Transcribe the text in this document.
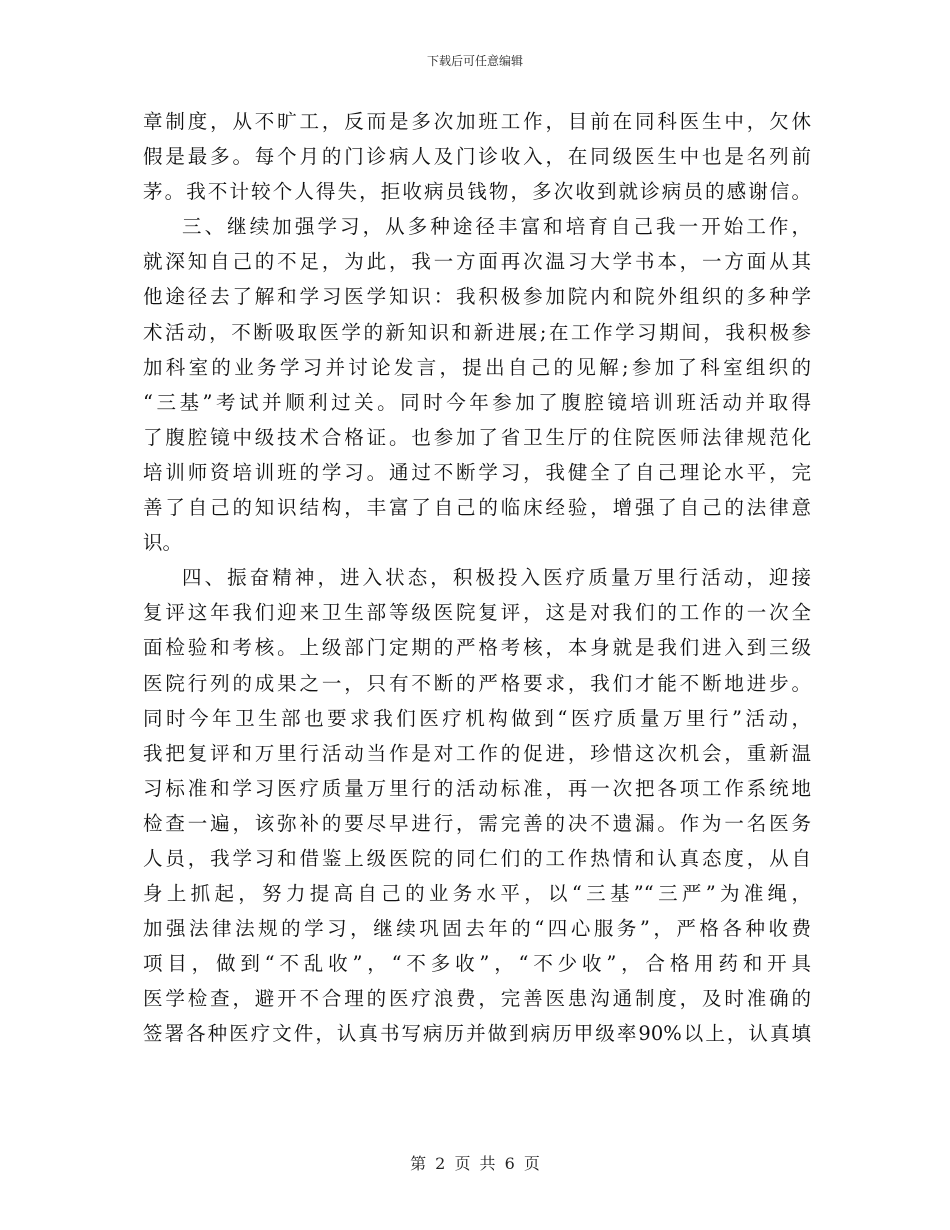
下载后可任意编辑
章制度，从不旷工，反而是多次加班工作，目前在同科医生中，欠休
假是最多。每个月的门诊病人及门诊收入，在同级医生中也是名列前
茅。我不计较个人得失，拒收病员钱物，多次收到就诊病员的感谢信。
三、继续加强学习，从多种途径丰富和培育自己我一开始工作，
就深知自己的不足，为此，我一方面再次温习大学书本，一方面从其
他途径去了解和学习医学知识：我积极参加院内和院外组织的多种学
术活动，不断吸取医学的新知识和新进展;在工作学习期间，我积极参
加科室的业务学习并讨论发言，提出自己的见解;参加了科室组织的
“三基”考试并顺利过关。同时今年参加了腹腔镜培训班活动并取得
了腹腔镜中级技术合格证。也参加了省卫生厅的住院医师法律规范化
培训师资培训班的学习。通过不断学习，我健全了自己理论水平，完
善了自己的知识结构，丰富了自己的临床经验，增强了自己的法律意
识。
四、振奋精神，进入状态，积极投入医疗质量万里行活动，迎接
复评这年我们迎来卫生部等级医院复评，这是对我们的工作的一次全
面检验和考核。上级部门定期的严格考核，本身就是我们进入到三级
医院行列的成果之一，只有不断的严格要求，我们才能不断地进步。
同时今年卫生部也要求我们医疗机构做到“医疗质量万里行”活动，
我把复评和万里行活动当作是对工作的促进，珍惜这次机会，重新温
习标准和学习医疗质量万里行的活动标准，再一次把各项工作系统地
检查一遍，该弥补的要尽早进行，需完善的决不遗漏。作为一名医务
人员，我学习和借鉴上级医院的同仁们的工作热情和认真态度，从自
身上抓起，努力提高自己的业务水平，以“三基”“三严”为准绳，
加强法律法规的学习，继续巩固去年的“四心服务”，严格各种收费
项目，做到“不乱收”，“不多收”，“不少收”，合格用药和开具
医学检查，避开不合理的医疗浪费，完善医患沟通制度，及时准确的
签署各种医疗文件，认真书写病历并做到病历甲级率90%以上，认真填
第 2 页 共 6 页
